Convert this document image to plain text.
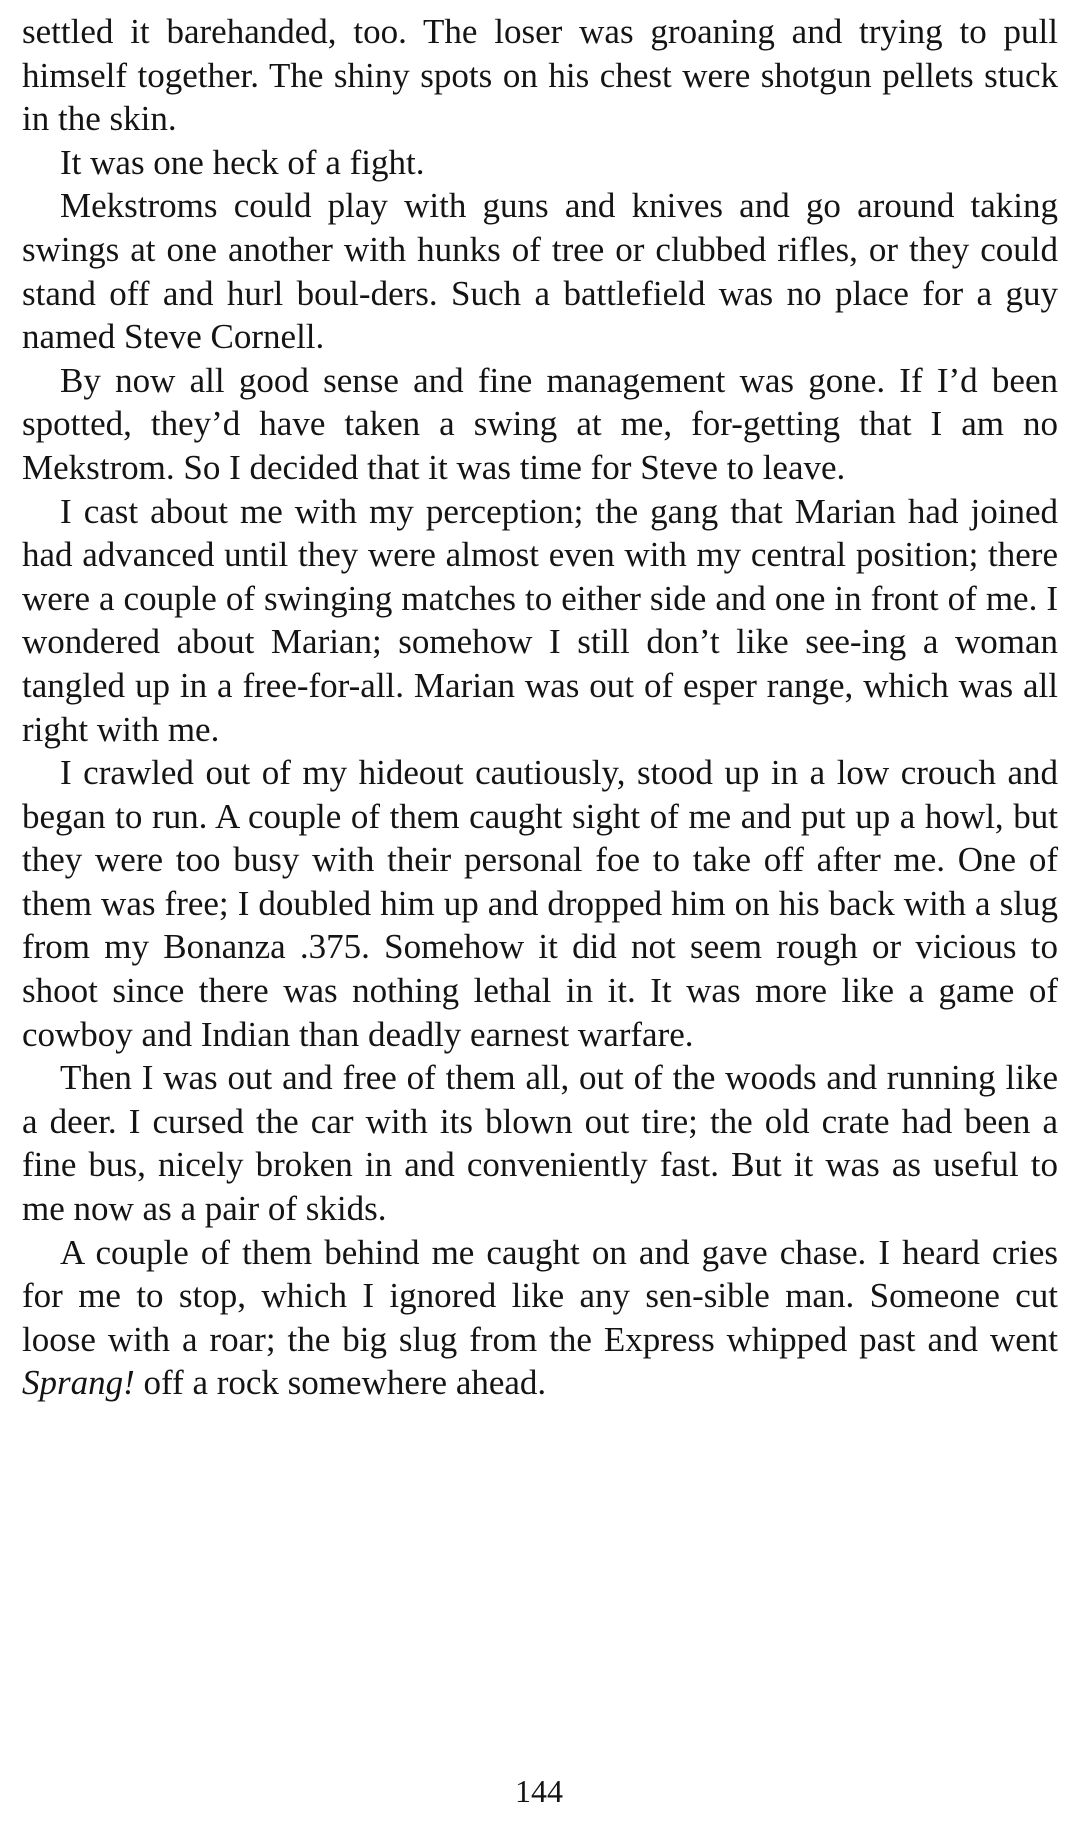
settled it barehanded, too. The loser was groaning and trying to pull himself together. The shiny spots on his chest were shotgun pellets stuck in the skin.

It was one heck of a fight.

Mekstroms could play with guns and knives and go around taking swings at one another with hunks of tree or clubbed rifles, or they could stand off and hurl boul-ders. Such a battlefield was no place for a guy named Steve Cornell.

By now all good sense and fine management was gone. If I’d been spotted, they’d have taken a swing at me, for-getting that I am no Mekstrom. So I decided that it was time for Steve to leave.

I cast about me with my perception; the gang that Marian had joined had advanced until they were almost even with my central position; there were a couple of swinging matches to either side and one in front of me. I wondered about Marian; somehow I still don’t like see-ing a woman tangled up in a free-for-all. Marian was out of esper range, which was all right with me.

I crawled out of my hideout cautiously, stood up in a low crouch and began to run. A couple of them caught sight of me and put up a howl, but they were too busy with their personal foe to take off after me. One of them was free; I doubled him up and dropped him on his back with a slug from my Bonanza .375. Somehow it did not seem rough or vicious to shoot since there was nothing lethal in it. It was more like a game of cowboy and Indian than deadly earnest warfare.

Then I was out and free of them all, out of the woods and running like a deer. I cursed the car with its blown out tire; the old crate had been a fine bus, nicely broken in and conveniently fast. But it was as useful to me now as a pair of skids.

A couple of them behind me caught on and gave chase. I heard cries for me to stop, which I ignored like any sen-sible man. Someone cut loose with a roar; the big slug from the Express whipped past and went Sprang! off a rock somewhere ahead.

144
